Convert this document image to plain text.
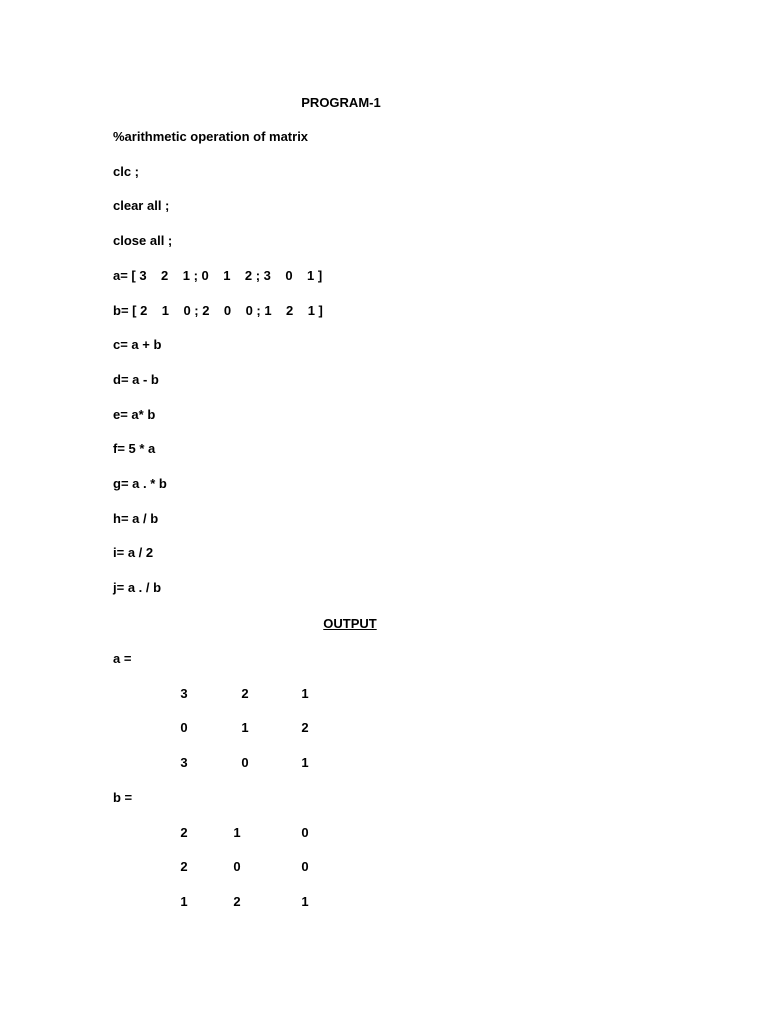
PROGRAM-1
%arithmetic operation of matrix
clc ;
clear all ;
close all ;
a= [ 3    2    1 ; 0    1    2 ; 3    0    1 ]
b= [ 2    1    0 ; 2    0    0 ; 1    2    1 ]
c= a + b
d= a - b
e= a* b
f= 5 * a
g= a . * b
h= a / b
i= a / 2
j= a . / b
OUTPUT
a =
3	2	1
0	1	2
3	0	1
b =
2	1	0
2	0	0
1	2	1
